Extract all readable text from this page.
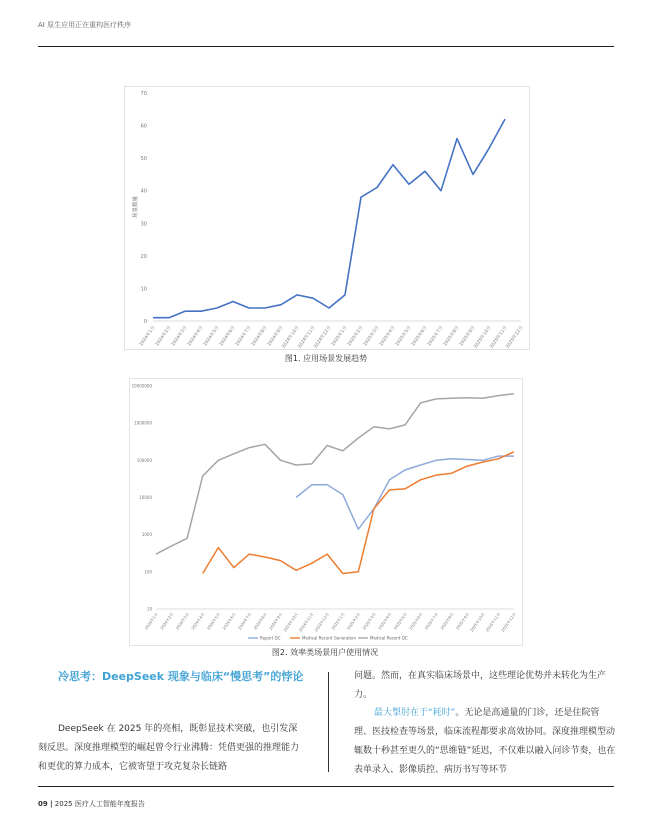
AI 原生应用正在重构医疗秩序
0
10
20
30
40
50
60
70
2024年1月
2024年2月
2024年3月
2024年4月
2024年5月
2024年6月
2024年7月
2024年8月
2024年9月
2024年10月
2024年11月
2024年12月
2025年1月
2025年2月
2025年3月
2025年4月
2025年5月
2025年6月
2025年7月
2025年8月
2025年9月
2025年10月
2025年11月
2025年12月
场景数量
图1. 应用场景发展趋势
10
100
1000
10000
100000
1000000
10000000
2024年1月 2024年2月 2024年3月 2024年4月 2024年5月 2024年6月 2024年7月 2024年8月 2024年9月
2024年10月
2024年11月
2024年12月 2025年1月 2025年2月 2025年3月 2025年4月 2025年5月 2025年6月 2025年7月 2025年8月 2025年9月
2025年10月
2025年11月
2025年12月
Report QC	Medical Record Generation	Medical Record QC
图2. 效率类场景用户使用情况
冷思考：DeepSeek 现象与临床“慢思考”的悖论

DeepSeek 在 2025 年的亮相，既彰显技术突破，也引发深刻反思。深度推理模型的崛起曾令行业沸腾：凭借更强的推理能力和更优的算力成本，它被寄望于攻克复杂长链路

问题。然而，在真实临床场景中，这些理论优势并未转化为生产力。

最大掣肘在于“耗时”。无论是高通量的门诊，还是住院管理、医技检查等场景，临床流程都要求高效协同。深度推理模型动辄数十秒甚至更久的“思维链”延迟，不仅难以融入问诊节奏，也在表单录入、影像质控、病历书写等环节

09 | 2025 医疗人工智能年度报告
